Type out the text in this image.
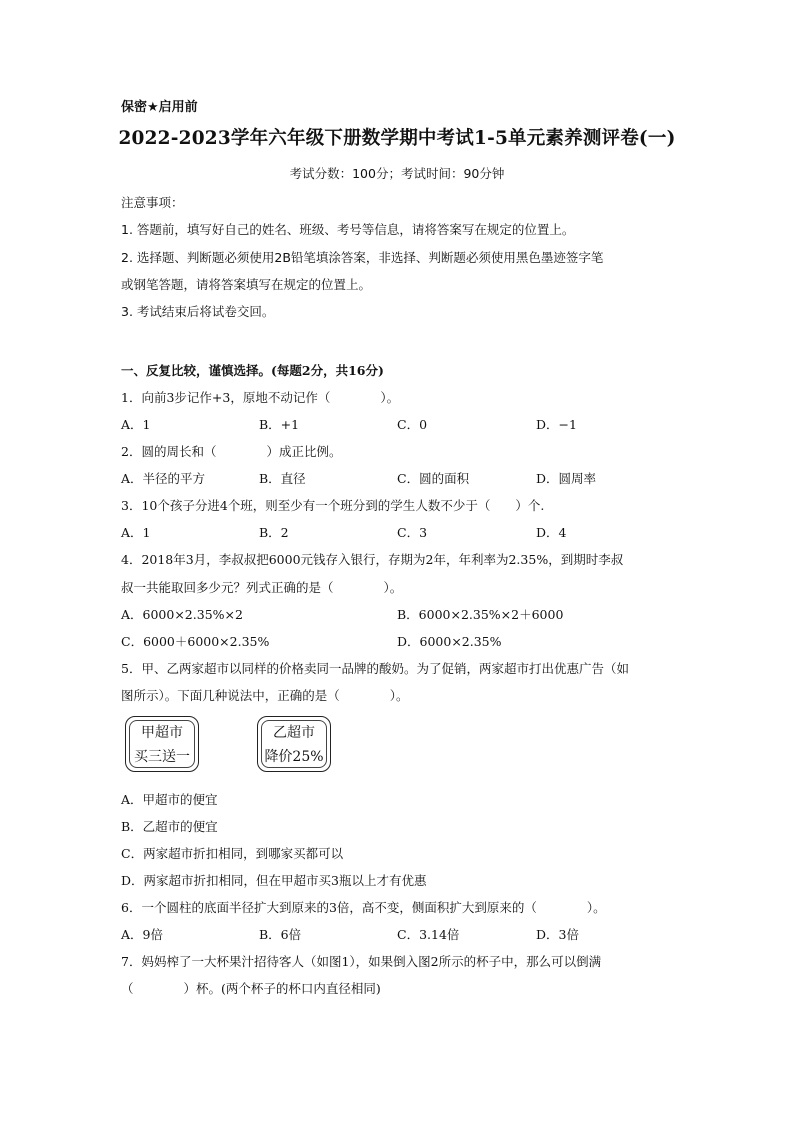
保密★启用前
2022-2023学年六年级下册数学期中考试1-5单元素养测评卷(一)
考试分数：100分；考试时间：90分钟
注意事项：
1. 答题前，填写好自己的姓名、班级、考号等信息，请将答案写在规定的位置上。
2. 选择题、判断题必须使用2B铅笔填涂答案，非选择、判断题必须使用黑色墨迹签字笔
或钢笔答题，请将答案填写在规定的位置上。
3. 考试结束后将试卷交回。
一、反复比较，谨慎选择。(每题2分，共16分)
1．向前3步记作+3，原地不动记作（　　　　）。
A．1	B．+1	C．0	D．−1
2．圆的周长和（　　　　）成正比例。
A．半径的平方	B．直径	C．圆的面积	D．圆周率
3．10个孩子分进4个班，则至少有一个班分到的学生人数不少于（　　）个.
A．1	B．2	C．3	D．4
4．2018年3月，李叔叔把6000元钱存入银行，存期为2年，年利率为2.35%，到期时李叔
叔一共能取回多少元？列式正确的是（　　　　）。
A．6000×2.35%×2	B．6000×2.35%×2＋6000
C．6000＋6000×2.35%	D．6000×2.35%
5．甲、乙两家超市以同样的价格卖同一品牌的酸奶。为了促销，两家超市打出优惠广告（如
图所示）。下面几种说法中，正确的是（　　　　）。
甲超市
买三送一
乙超市
降价25%
A．甲超市的便宜
B．乙超市的便宜
C．两家超市折扣相同，到哪家买都可以
D．两家超市折扣相同，但在甲超市买3瓶以上才有优惠
6．一个圆柱的底面半径扩大到原来的3倍，高不变，侧面积扩大到原来的（　　　　）。
A．9倍	B．6倍	C．3.14倍	D．3倍
7．妈妈榨了一大杯果汁招待客人（如图1），如果倒入图2所示的杯子中，那么可以倒满
（　　　　）杯。(两个杯子的杯口内直径相同)
